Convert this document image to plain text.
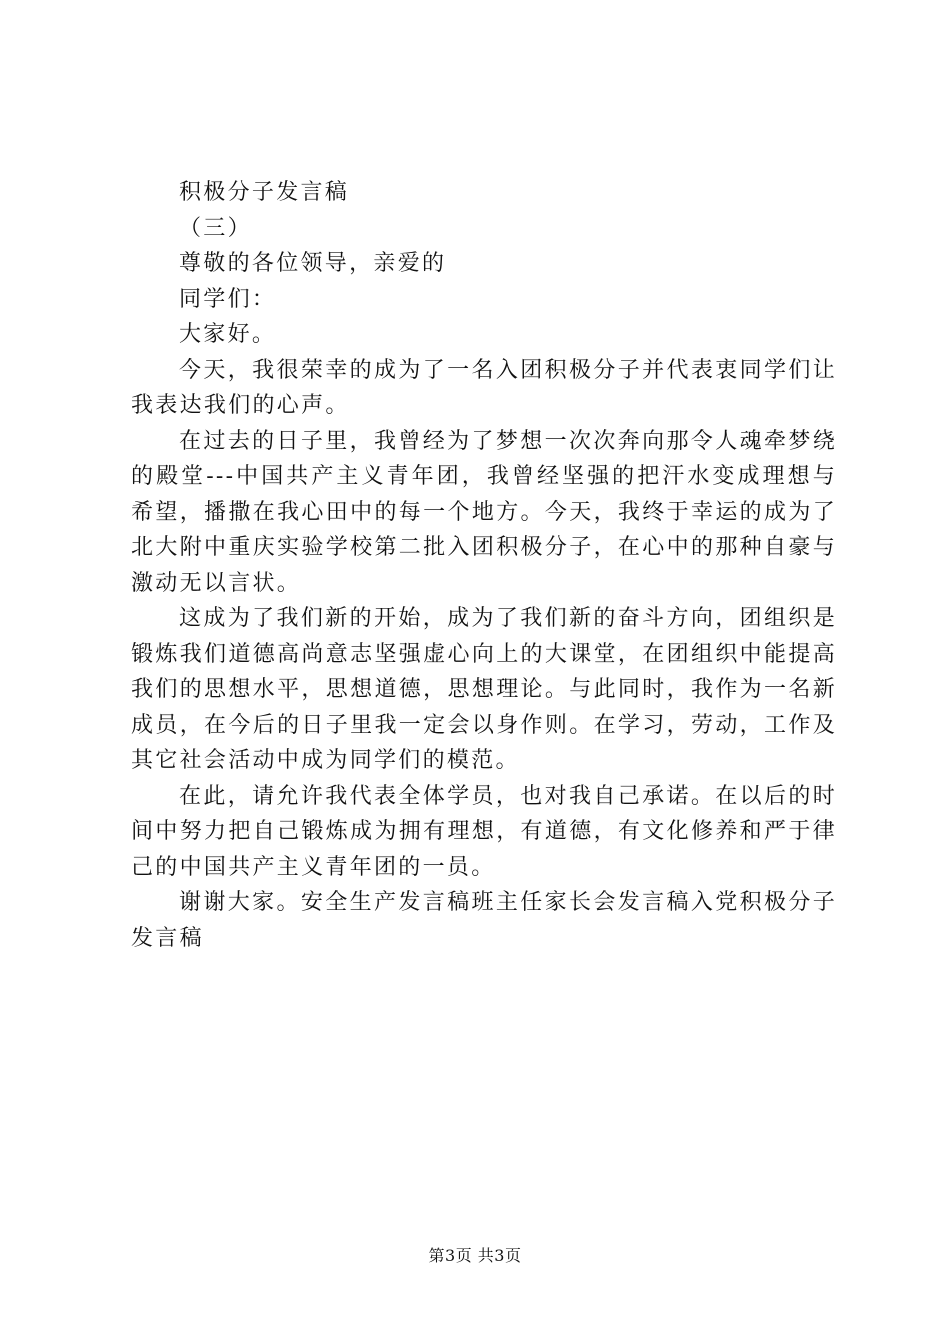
积极分子发言稿
（三）
尊敬的各位领导，亲爱的
同学们：
大家好。

今天，我很荣幸的成为了一名入团积极分子并代表衷同学们让我表达我们的心声。

在过去的日子里，我曾经为了梦想一次次奔向那令人魂牵梦绕的殿堂---中国共产主义青年团，我曾经坚强的把汗水变成理想与希望，播撒在我心田中的每一个地方。今天，我终于幸运的成为了北大附中重庆实验学校第二批入团积极分子，在心中的那种自豪与激动无以言状。

这成为了我们新的开始，成为了我们新的奋斗方向，团组织是锻炼我们道德高尚意志坚强虚心向上的大课堂，在团组织中能提高我们的思想水平，思想道德，思想理论。与此同时，我作为一名新成员，在今后的日子里我一定会以身作则。在学习，劳动，工作及其它社会活动中成为同学们的模范。

在此，请允许我代表全体学员，也对我自己承诺。在以后的时间中努力把自己锻炼成为拥有理想，有道德，有文化修养和严于律己的中国共产主义青年团的一员。

谢谢大家。安全生产发言稿班主任家长会发言稿入党积极分子发言稿

第3页 共3页
